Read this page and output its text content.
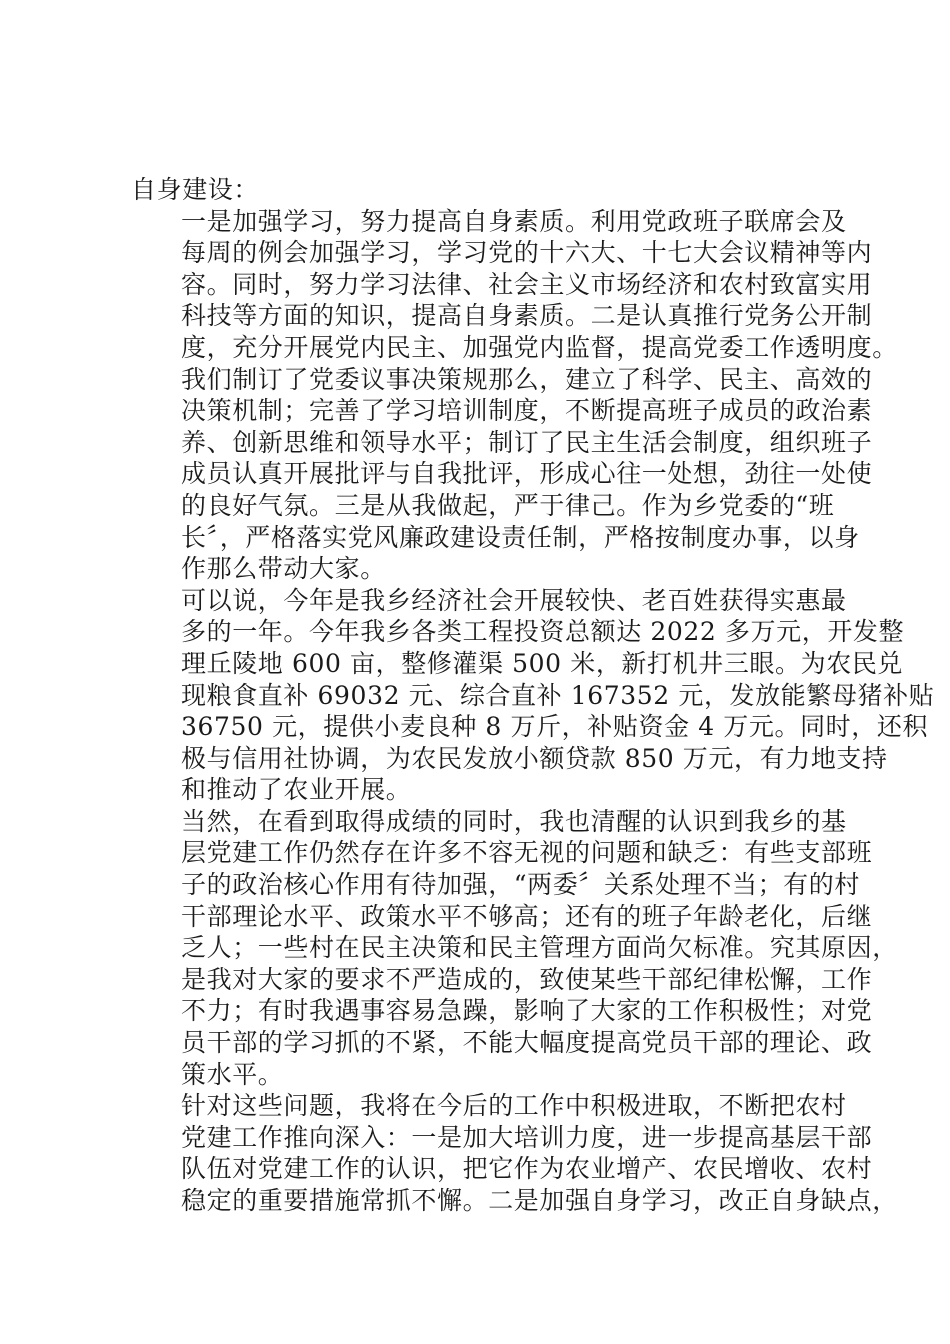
自身建设：

一是加强学习，努力提高自身素质。利用党政班子联席会及
每周的例会加强学习，学习党的十六大、十七大会议精神等内
容。同时，努力学习法律、社会主义市场经济和农村致富实用
科技等方面的知识，提高自身素质。二是认真推行党务公开制
度，充分开展党内民主、加强党内监督，提高党委工作透明度。
我们制订了党委议事决策规那么，建立了科学、民主、高效的
决策机制；完善了学习培训制度，不断提高班子成员的政治素
养、创新思维和领导水平；制订了民主生活会制度，组织班子
成员认真开展批评与自我批评，形成心往一处想，劲往一处使
的良好气氛。三是从我做起，严于律己。作为乡党委的“班
长〞，严格落实党风廉政建设责任制，严格按制度办事，以身
作那么带动大家。

可以说，今年是我乡经济社会开展较快、老百姓获得实惠最
多的一年。今年我乡各类工程投资总额达 2022 多万元，开发整
理丘陵地 600 亩，整修灌渠 500 米，新打机井三眼。为农民兑
现粮食直补 69032 元、综合直补 167352 元，发放能繁母猪补贴
36750 元，提供小麦良种 8 万斤，补贴资金 4 万元。同时，还积
极与信用社协调，为农民发放小额贷款 850 万元，有力地支持
和推动了农业开展。

当然，在看到取得成绩的同时，我也清醒的认识到我乡的基
层党建工作仍然存在许多不容无视的问题和缺乏：有些支部班
子的政治核心作用有待加强，“两委〞关系处理不当；有的村
干部理论水平、政策水平不够高；还有的班子年龄老化，后继
乏人；一些村在民主决策和民主管理方面尚欠标准。究其原因，
是我对大家的要求不严造成的，致使某些干部纪律松懈，工作
不力；有时我遇事容易急躁，影响了大家的工作积极性；对党
员干部的学习抓的不紧，不能大幅度提高党员干部的理论、政
策水平。

针对这些问题，我将在今后的工作中积极进取，不断把农村
党建工作推向深入：一是加大培训力度，进一步提高基层干部
队伍对党建工作的认识，把它作为农业增产、农民增收、农村
稳定的重要措施常抓不懈。二是加强自身学习，改正自身缺点，
